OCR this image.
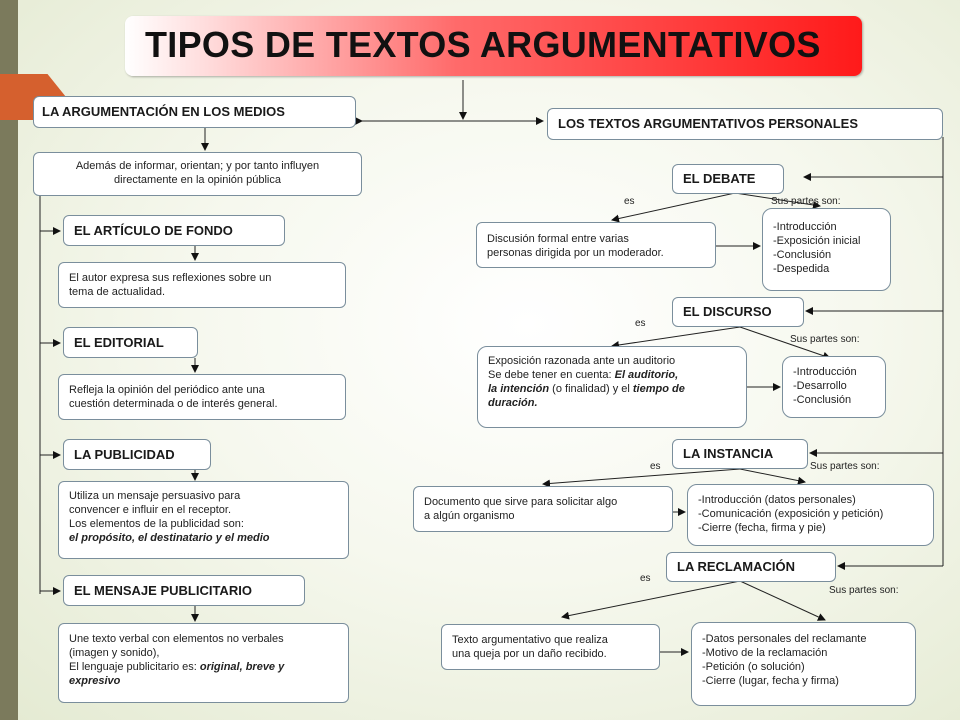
TIPOS DE TEXTOS ARGUMENTATIVOS
LA ARGUMENTACIÓN EN LOS MEDIOS
Además de informar, orientan; y por tanto influyen
directamente en la opinión pública
EL ARTÍCULO DE FONDO
El autor expresa sus reflexiones sobre un
tema de actualidad.
EL EDITORIAL
Refleja la opinión del periódico ante una
cuestión determinada o de interés general.
LA PUBLICIDAD
Utiliza un mensaje persuasivo para
convencer e influir en el receptor.
Los elementos de la publicidad son:
el propósito, el destinatario y el medio
EL MENSAJE PUBLICITARIO
Une texto verbal con elementos no verbales
(imagen y sonido),
El lenguaje publicitario es: original, breve y
expresivo
LOS TEXTOS ARGUMENTATIVOS PERSONALES
EL DEBATE
es	Sus partes son:
Discusión formal entre varias
personas dirigida por un moderador.
-Introducción
-Exposición inicial
-Conclusión
-Despedida
EL DISCURSO
es
Sus partes son:
Exposición razonada ante un auditorio
Se debe tener en cuenta: El auditorio,
la intención (o finalidad) y el tiempo de
duración.
-Introducción
-Desarrollo
-Conclusión
LA INSTANCIA
es	Sus partes son:
Documento que sirve para solicitar algo
a algún organismo
-Introducción (datos personales)
-Comunicación (exposición y petición)
-Cierre (fecha, firma y pie)
LA RECLAMACIÓN
es
Sus partes son:
Texto argumentativo que realiza
una queja por un daño recibido.
-Datos personales del reclamante
-Motivo de la reclamación
-Petición (o solución)
-Cierre (lugar, fecha y firma)
